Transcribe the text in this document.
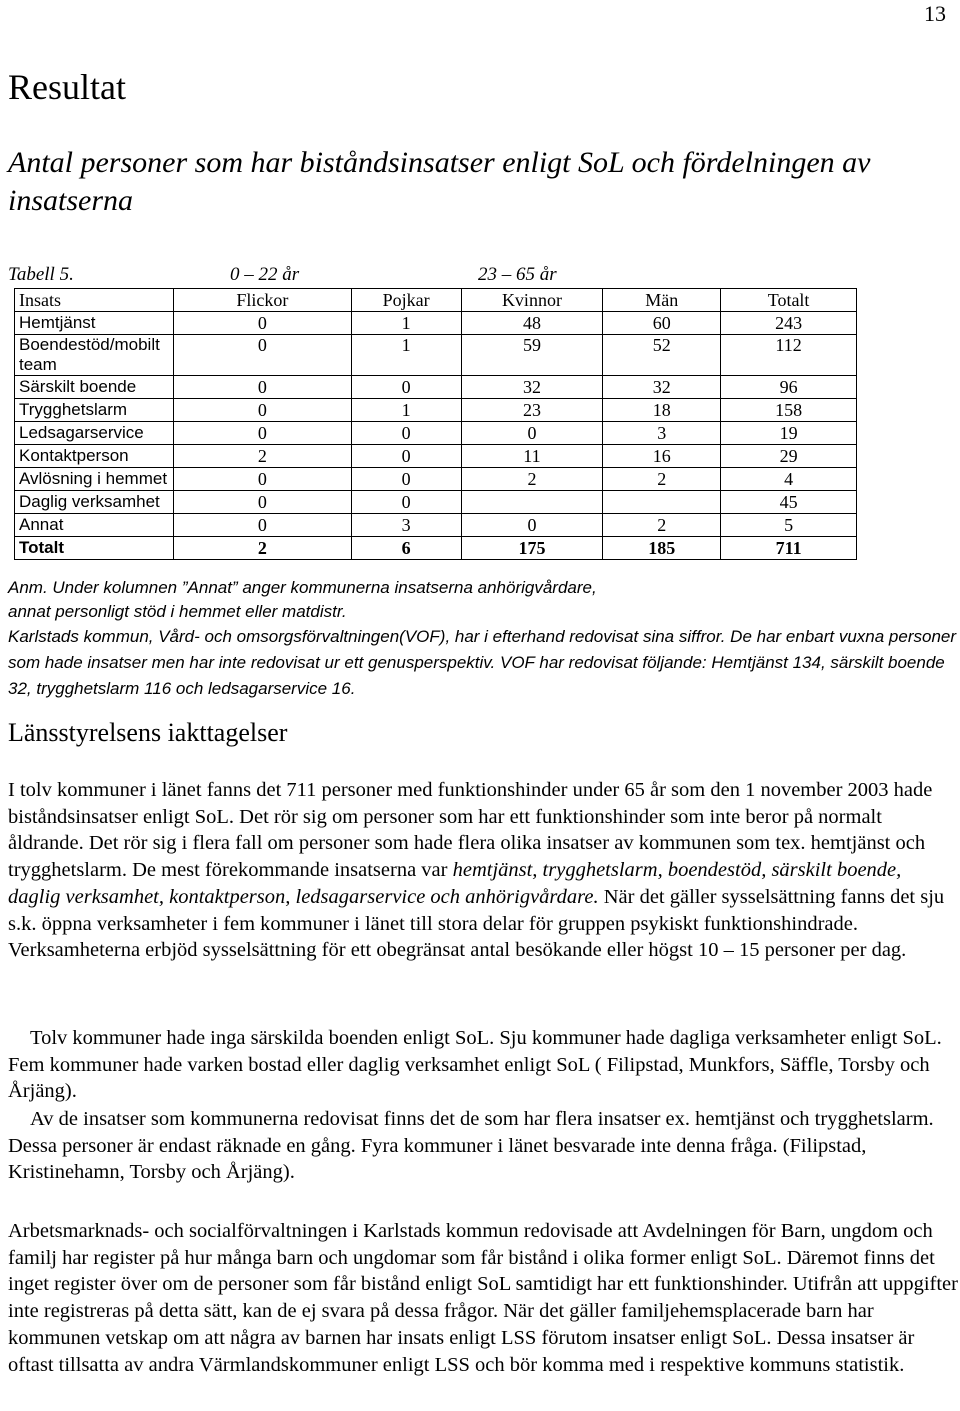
13
Resultat
Antal personer som har biståndsinsatser enligt SoL och fördelningen av insatserna
Tabell 5.	0 – 22 år	23 – 65 år
Insats	Flickor	Pojkar	Kvinnor	Män	Totalt
Hemtjänst	0	1	48	60	243
Boendestöd/mobilt
team	0	1	59	52	112
Särskilt boende	0	0	32	32	96
Trygghetslarm	0	1	23	18	158
Ledsagarservice	0	0	0	3	19
Kontaktperson	2	0	11	16	29
Avlösning i hemmet	0	0	2	2	4
Daglig verksamhet	0	0			45
Annat	0	3	0	2	5
Totalt	2	6	175	185	711
Anm. Under kolumnen ”Annat” anger kommunerna insatserna anhörigvårdare,
annat personligt stöd i hemmet eller matdistr.
Karlstads kommun, Vård- och omsorgsförvaltningen(VOF), har i efterhand redovisat sina siffror. De har enbart vuxna personer som hade insatser men har inte redovisat ur ett genusperspektiv. VOF har redovisat följande: Hemtjänst 134, särskilt boende 32, trygghetslarm 116 och ledsagarservice 16.
Länsstyrelsens iakttagelser
I tolv kommuner i länet fanns det 711 personer med funktionshinder under 65 år som den 1 november 2003 hade biståndsinsatser enligt SoL. Det rör sig om personer som har ett funktionshinder som inte beror på normalt åldrande. Det rör sig i flera fall om personer som hade flera olika insatser av kommunen som tex. hemtjänst och trygghetslarm. De mest förekommande insatserna var hemtjänst, trygghetslarm, boendestöd, särskilt boende, daglig verksamhet, kontaktperson, ledsagarservice och anhörigvårdare. När det gäller sysselsättning fanns det sju s.k. öppna verksamheter i fem kommuner i länet till stora delar för gruppen psykiskt funktionshindrade. Verksamheterna erbjöd sysselsättning för ett obegränsat antal besökande eller högst 10 – 15 personer per dag.
Tolv kommuner hade inga särskilda boenden enligt SoL. Sju kommuner hade dagliga verksamheter enligt SoL. Fem kommuner hade varken bostad eller daglig verksamhet enligt SoL ( Filipstad, Munkfors, Säffle, Torsby och Årjäng).
Av de insatser som kommunerna redovisat finns det de som har flera insatser ex. hemtjänst och trygghetslarm. Dessa personer är endast räknade en gång. Fyra kommuner i länet besvarade inte denna fråga. (Filipstad, Kristinehamn, Torsby och Årjäng).
Arbetsmarknads- och socialförvaltningen i Karlstads kommun redovisade att Avdelningen för Barn, ungdom och familj har register på hur många barn och ungdomar som får bistånd i olika former enligt SoL. Däremot finns det inget register över om de personer som får bistånd enligt SoL samtidigt har ett funktionshinder. Utifrån att uppgifter inte registreras på detta sätt, kan de ej svara på dessa frågor. När det gäller familjehemsplacerade barn har kommunen vetskap om att några av barnen har insats enligt LSS förutom insatser enligt SoL. Dessa insatser är oftast tillsatta av andra Värmlandskommuner enligt LSS och bör komma med i respektive kommuns statistik.
